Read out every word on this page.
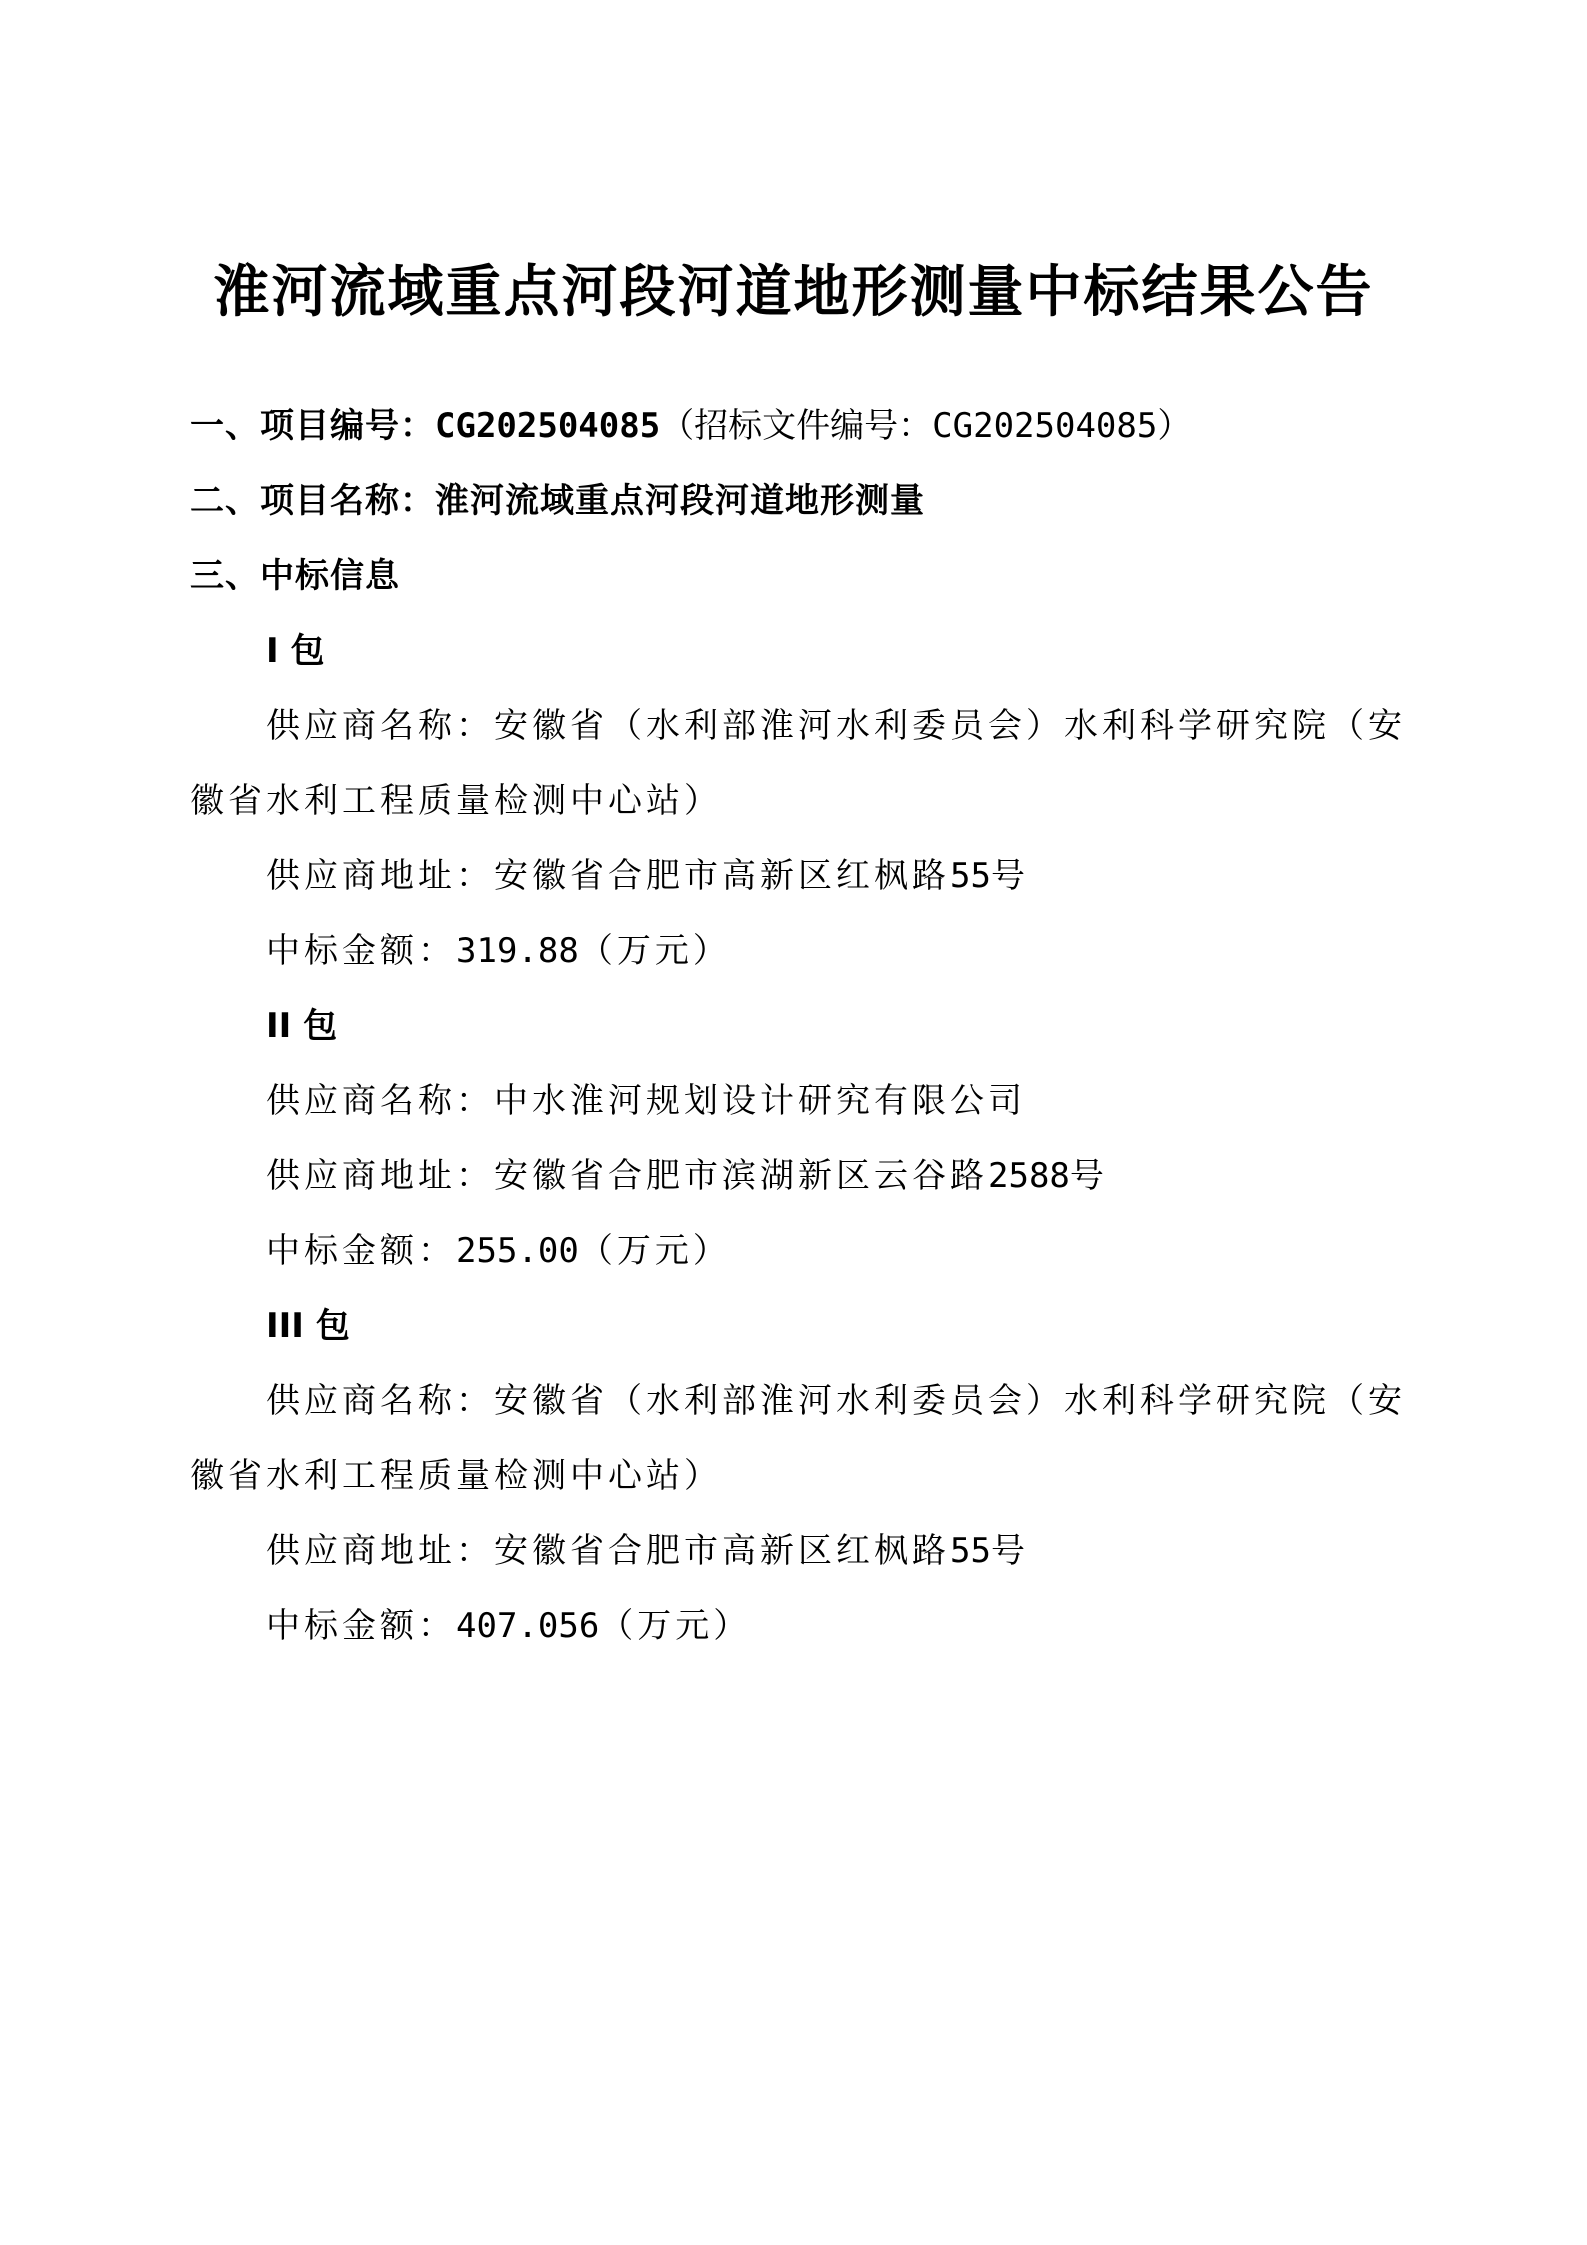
淮河流域重点河段河道地形测量中标结果公告

一、项目编号：CG202504085（招标文件编号：CG202504085）

二、项目名称：淮河流域重点河段河道地形测量

三、中标信息

I 包

供应商名称：安徽省（水利部淮河水利委员会）水利科学研究院（安

徽省水利工程质量检测中心站）

供应商地址：安徽省合肥市高新区红枫路55号

中标金额：319.88（万元）

II 包

供应商名称：中水淮河规划设计研究有限公司

供应商地址：安徽省合肥市滨湖新区云谷路2588号

中标金额：255.00（万元）

III 包

供应商名称：安徽省（水利部淮河水利委员会）水利科学研究院（安

徽省水利工程质量检测中心站）

供应商地址：安徽省合肥市高新区红枫路55号

中标金额：407.056（万元）
